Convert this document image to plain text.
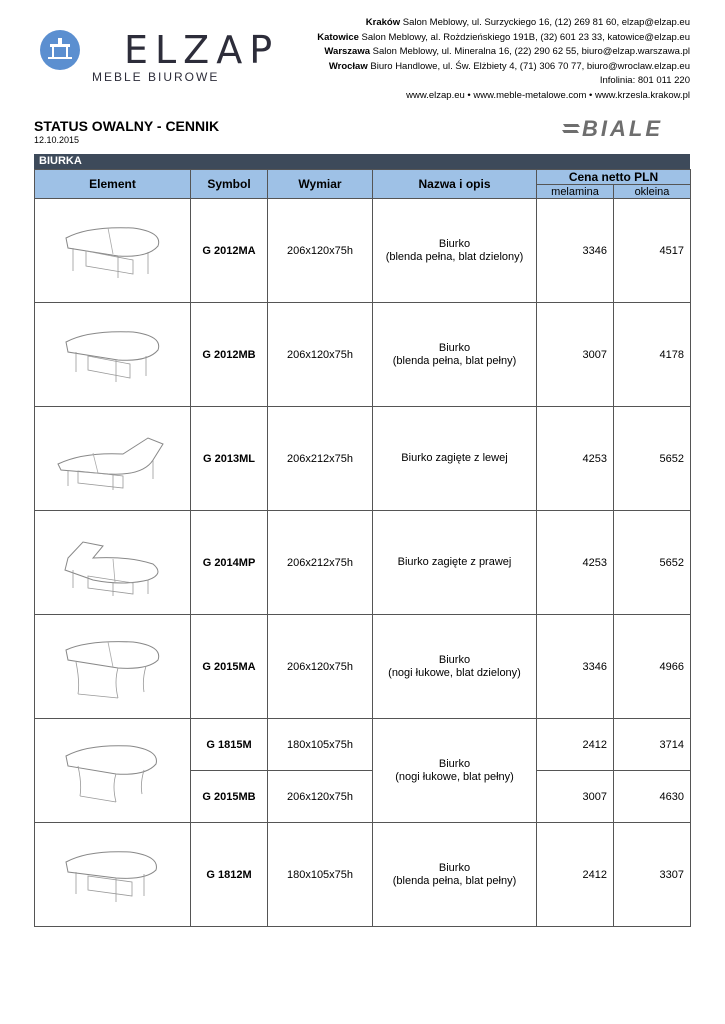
ELZAP
MEBLE BIUROWE
Kraków Salon Meblowy, ul. Surzyckiego 16, (12) 269 81 60, elzap@elzap.eu
Katowice Salon Meblowy, al. Rożdzieńskiego 191B, (32) 601 23 33, katowice@elzap.eu
Warszawa Salon Meblowy, ul. Mineralna 16, (22) 290 62 55, biuro@elzap.warszawa.pl
Wrocław Biuro Handlowe, ul. Św. Elżbiety 4, (71) 306 70 77, biuro@wroclaw.elzap.eu
Infolinia: 801 011 220
www.elzap.eu • www.meble-metalowe.com • www.krzesla.krakow.pl
STATUS OWALNY - CENNIK
12.10.2015	BIALE
BIURKA
Element	Symbol	Wymiar	Nazwa i opis	Cena netto PLN	
				melamina	okleina

	G 2012MA	206x120x75h	Biurko
(blenda pełna, blat dzielony)	3346	4517

	G 2012MB	206x120x75h	Biurko
(blenda pełna, blat pełny)	3007	4178

	G 2013ML	206x212x75h	Biurko zagięte z lewej	4253	5652

	G 2014MP	206x212x75h	Biurko zagięte z prawej	4253	5652

	G 2015MA	206x120x75h	Biurko
(nogi łukowe, blat dzielony)	3346	4966

	G 1815M	180x105x75h	Biurko
(nogi łukowe, blat pełny)	2412	3714
	G 2015MB	206x120x75h		3007	4630

	G 1812M	180x105x75h	Biurko
(blenda pełna, blat pełny)	2412	3307
